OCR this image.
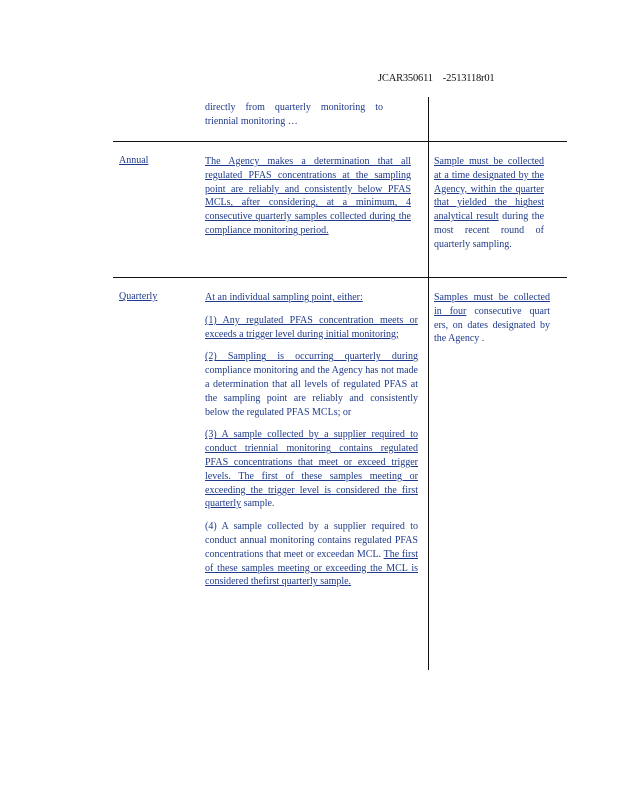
JCAR350611 -2513118r01

directly from quarterly monitoring to triennial monitoring …

Annual	The Agency makes a determination that all regulated PFAS concentrations at the sampling point are reliably and consistently below PFAS MCLs, after considering, at a minimum, 4 consecutive quarterly samples collected during the compliance monitoring period.

Sample must be collected at a time designated by the Agency, within the quarter that yielded the highest analytical result during the most recent round of quarterly sampling.

Quarterly	At an individual sampling point, either:

(1) Any regulated PFAS concentration meets or exceeds a trigger level during initial monitoring;

(2) Sampling is occurring quarterly during compliance monitoring and the Agency has not made a determination that all levels of regulated PFAS at the sampling point are reliably and consistently below the regulated PFAS MCLs; or

(3) A sample collected by a supplier required to conduct triennial monitoring contains regulated PFAS concentrations that meet or exceed trigger levels. The first of these samples meeting or exceeding the trigger level is considered the first quarterly sample.

(4) A sample collected by a supplier required to conduct annual monitoring contains regulated PFAS concentrations that meet or exceedan MCL. The first of these samples meeting or exceeding the MCL is considered thefirst quarterly sample.

Samples must be collected in four consecutive quart ers, on dates designated by the Agency .
